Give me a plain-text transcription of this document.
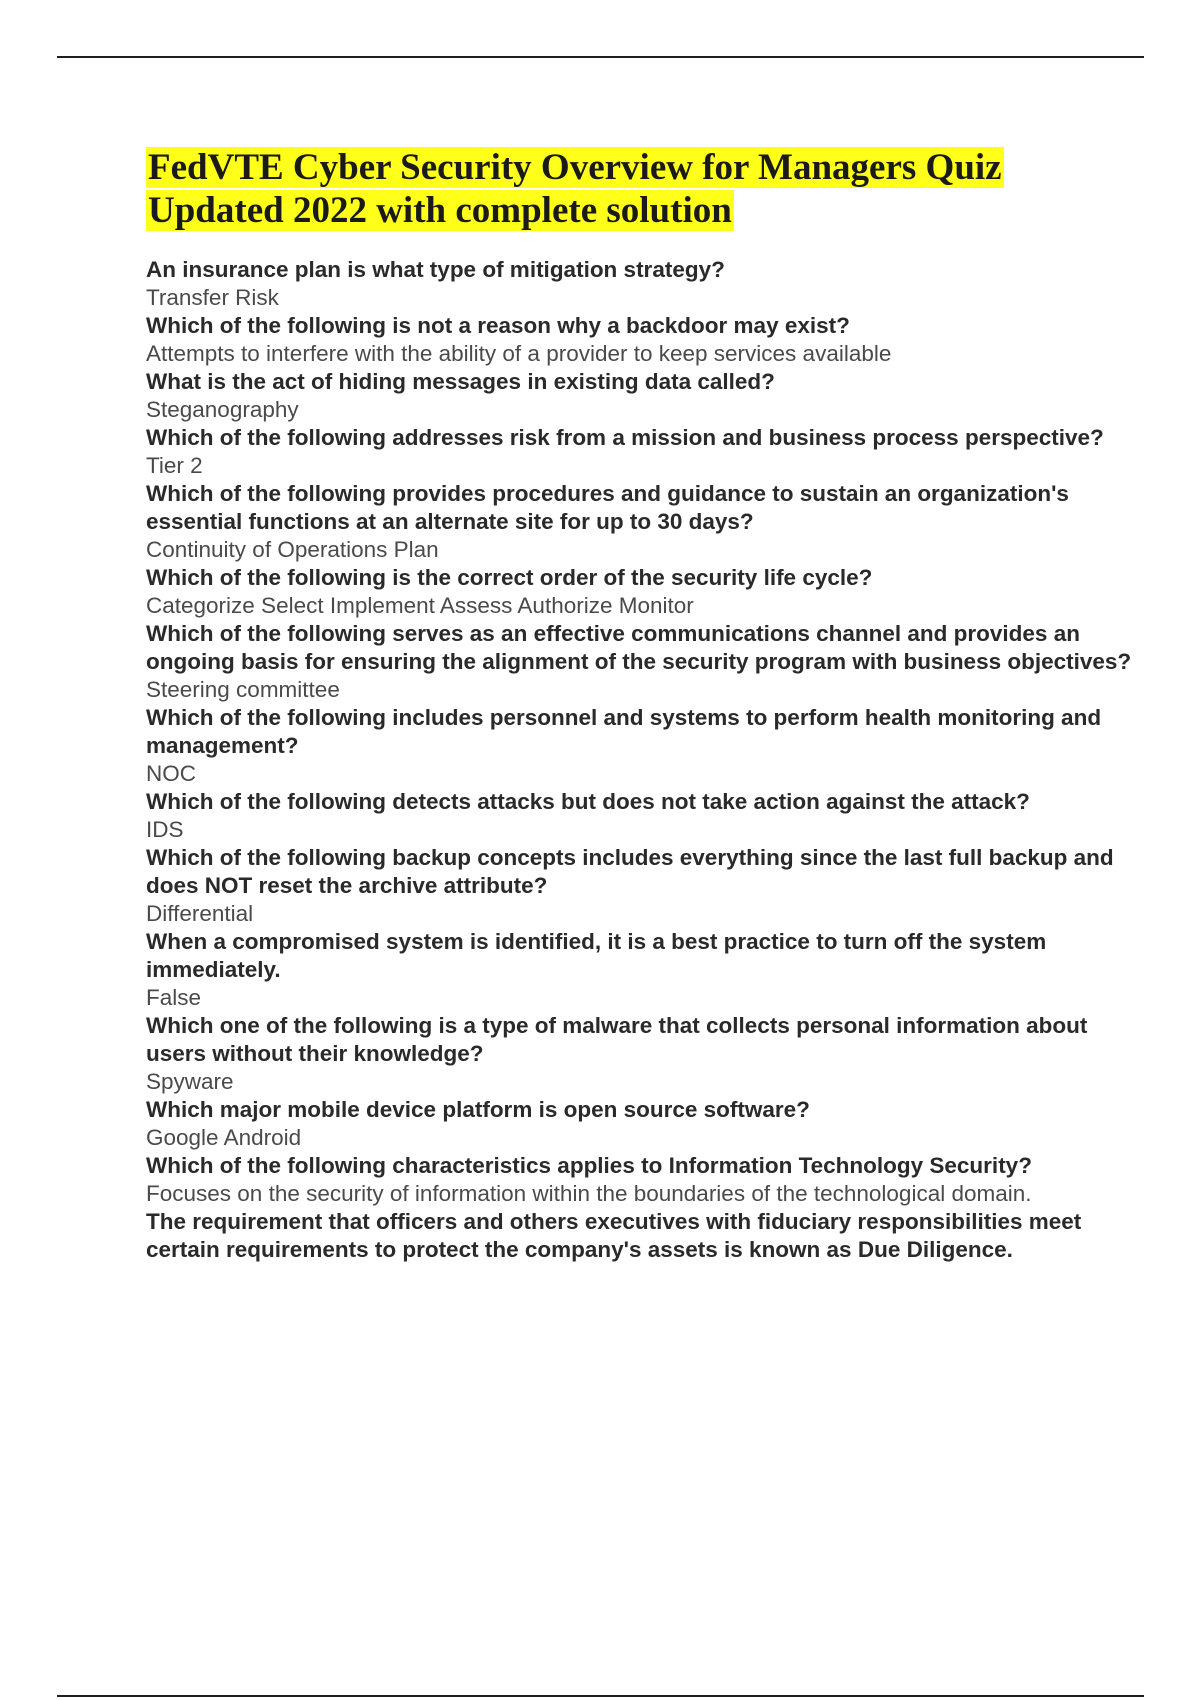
FedVTE Cyber Security Overview for Managers Quiz
Updated 2022 with complete solution
An insurance plan is what type of mitigation strategy?
Transfer Risk
Which of the following is not a reason why a backdoor may exist?
Attempts to interfere with the ability of a provider to keep services available
What is the act of hiding messages in existing data called?
Steganography
Which of the following addresses risk from a mission and business process perspective?
Tier 2
Which of the following provides procedures and guidance to sustain an organization's essential functions at an alternate site for up to 30 days?
Continuity of Operations Plan
Which of the following is the correct order of the security life cycle?
Categorize Select Implement Assess Authorize Monitor
Which of the following serves as an effective communications channel and provides an ongoing basis for ensuring the alignment of the security program with business objectives?
Steering committee
Which of the following includes personnel and systems to perform health monitoring and management?
NOC
Which of the following detects attacks but does not take action against the attack?
IDS
Which of the following backup concepts includes everything since the last full backup and does NOT reset the archive attribute?
Differential
When a compromised system is identified, it is a best practice to turn off the system immediately.
False
Which one of the following is a type of malware that collects personal information about users without their knowledge?
Spyware
Which major mobile device platform is open source software?
Google Android
Which of the following characteristics applies to Information Technology Security?
Focuses on the security of information within the boundaries of the technological domain.
The requirement that officers and others executives with fiduciary responsibilities meet certain requirements to protect the company's assets is known as Due Diligence.
